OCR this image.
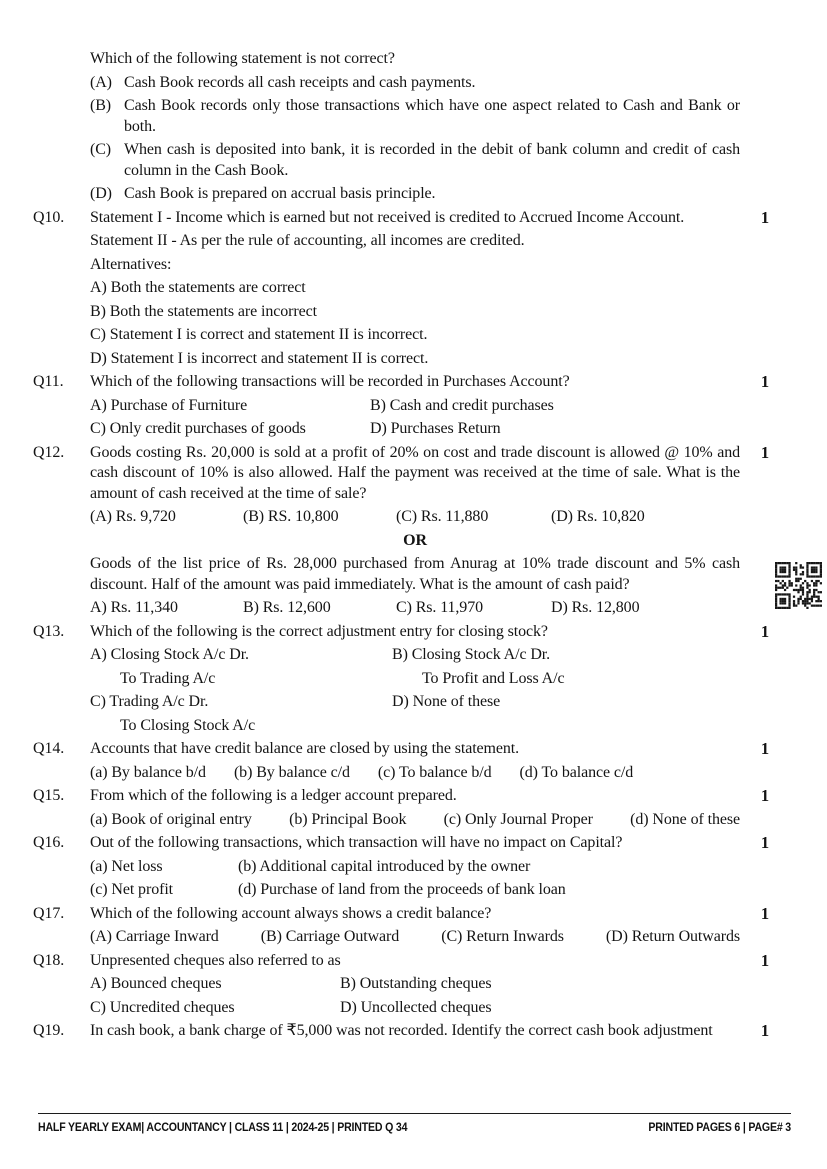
Which of the following statement is not correct?
(A) Cash Book records all cash receipts and cash payments.
(B) Cash Book records only those transactions which have one aspect related to Cash and Bank or both.
(C) When cash is deposited into bank, it is recorded in the debit of bank column and credit of cash column in the Cash Book.
(D) Cash Book is prepared on accrual basis principle.
Q10.	Statement I - Income which is earned but not received is credited to Accrued Income Account.
Statement II - As per the rule of accounting, all incomes are credited.
Alternatives:
A) Both the statements are correct
B) Both the statements are incorrect
C) Statement I is correct and statement II is incorrect.
D) Statement I is incorrect and statement II is correct.
1
Q11.	Which of the following transactions will be recorded in Purchases Account?
A) Purchase of Furniture	B) Cash and credit purchases
C) Only credit purchases of goods	D) Purchases Return
1
Q12.	Goods costing Rs. 20,000 is sold at a profit of 20% on cost and trade discount is allowed @ 10% and cash discount of 10% is also allowed. Half the payment was received at the time of sale. What is the amount of cash received at the time of sale?
(A) Rs. 9,720	(B) RS. 10,800	(C) Rs. 11,880	(D) Rs. 10,820
OR
Goods of the list price of Rs. 28,000 purchased from Anurag at 10% trade discount and 5% cash discount. Half of the amount was paid immediately. What is the amount of cash paid?
A) Rs. 11,340	B) Rs. 12,600	C) Rs. 11,970	D) Rs. 12,800
1
Q13.	Which of the following is the correct adjustment entry for closing stock?
A) Closing Stock A/c Dr.	B) Closing Stock A/c Dr.
To Trading A/c	To Profit and Loss A/c
C) Trading A/c Dr.	D) None of these
To Closing Stock A/c
1
Q14.	Accounts that have credit balance are closed by using the statement.
(a) By balance b/d (b) By balance c/d (c) To balance b/d (d) To balance c/d
1
Q15.	From which of the following is a ledger account prepared.
(a) Book of original entry (b) Principal Book (c) Only Journal Proper (d) None of these
1
Q16.	Out of the following transactions, which transaction will have no impact on Capital?
(a) Net loss	(b) Additional capital introduced by the owner
(c) Net profit	(d) Purchase of land from the proceeds of bank loan
1
Q17.	Which of the following account always shows a credit balance?
(A) Carriage Inward	(B) Carriage Outward	(C) Return Inwards	(D) Return Outwards
1
Q18.	Unpresented cheques also referred to as
A) Bounced cheques	B) Outstanding cheques
C) Uncredited cheques	D) Uncollected cheques
1
Q19.	In cash book, a bank charge of ₹5,000 was not recorded. Identify the correct cash book adjustment	1
HALF YEARLY EXAM| ACCOUNTANCY | CLASS 11 | 2024-25 | PRINTED Q 34	PRINTED PAGES 6 | PAGE# 3
